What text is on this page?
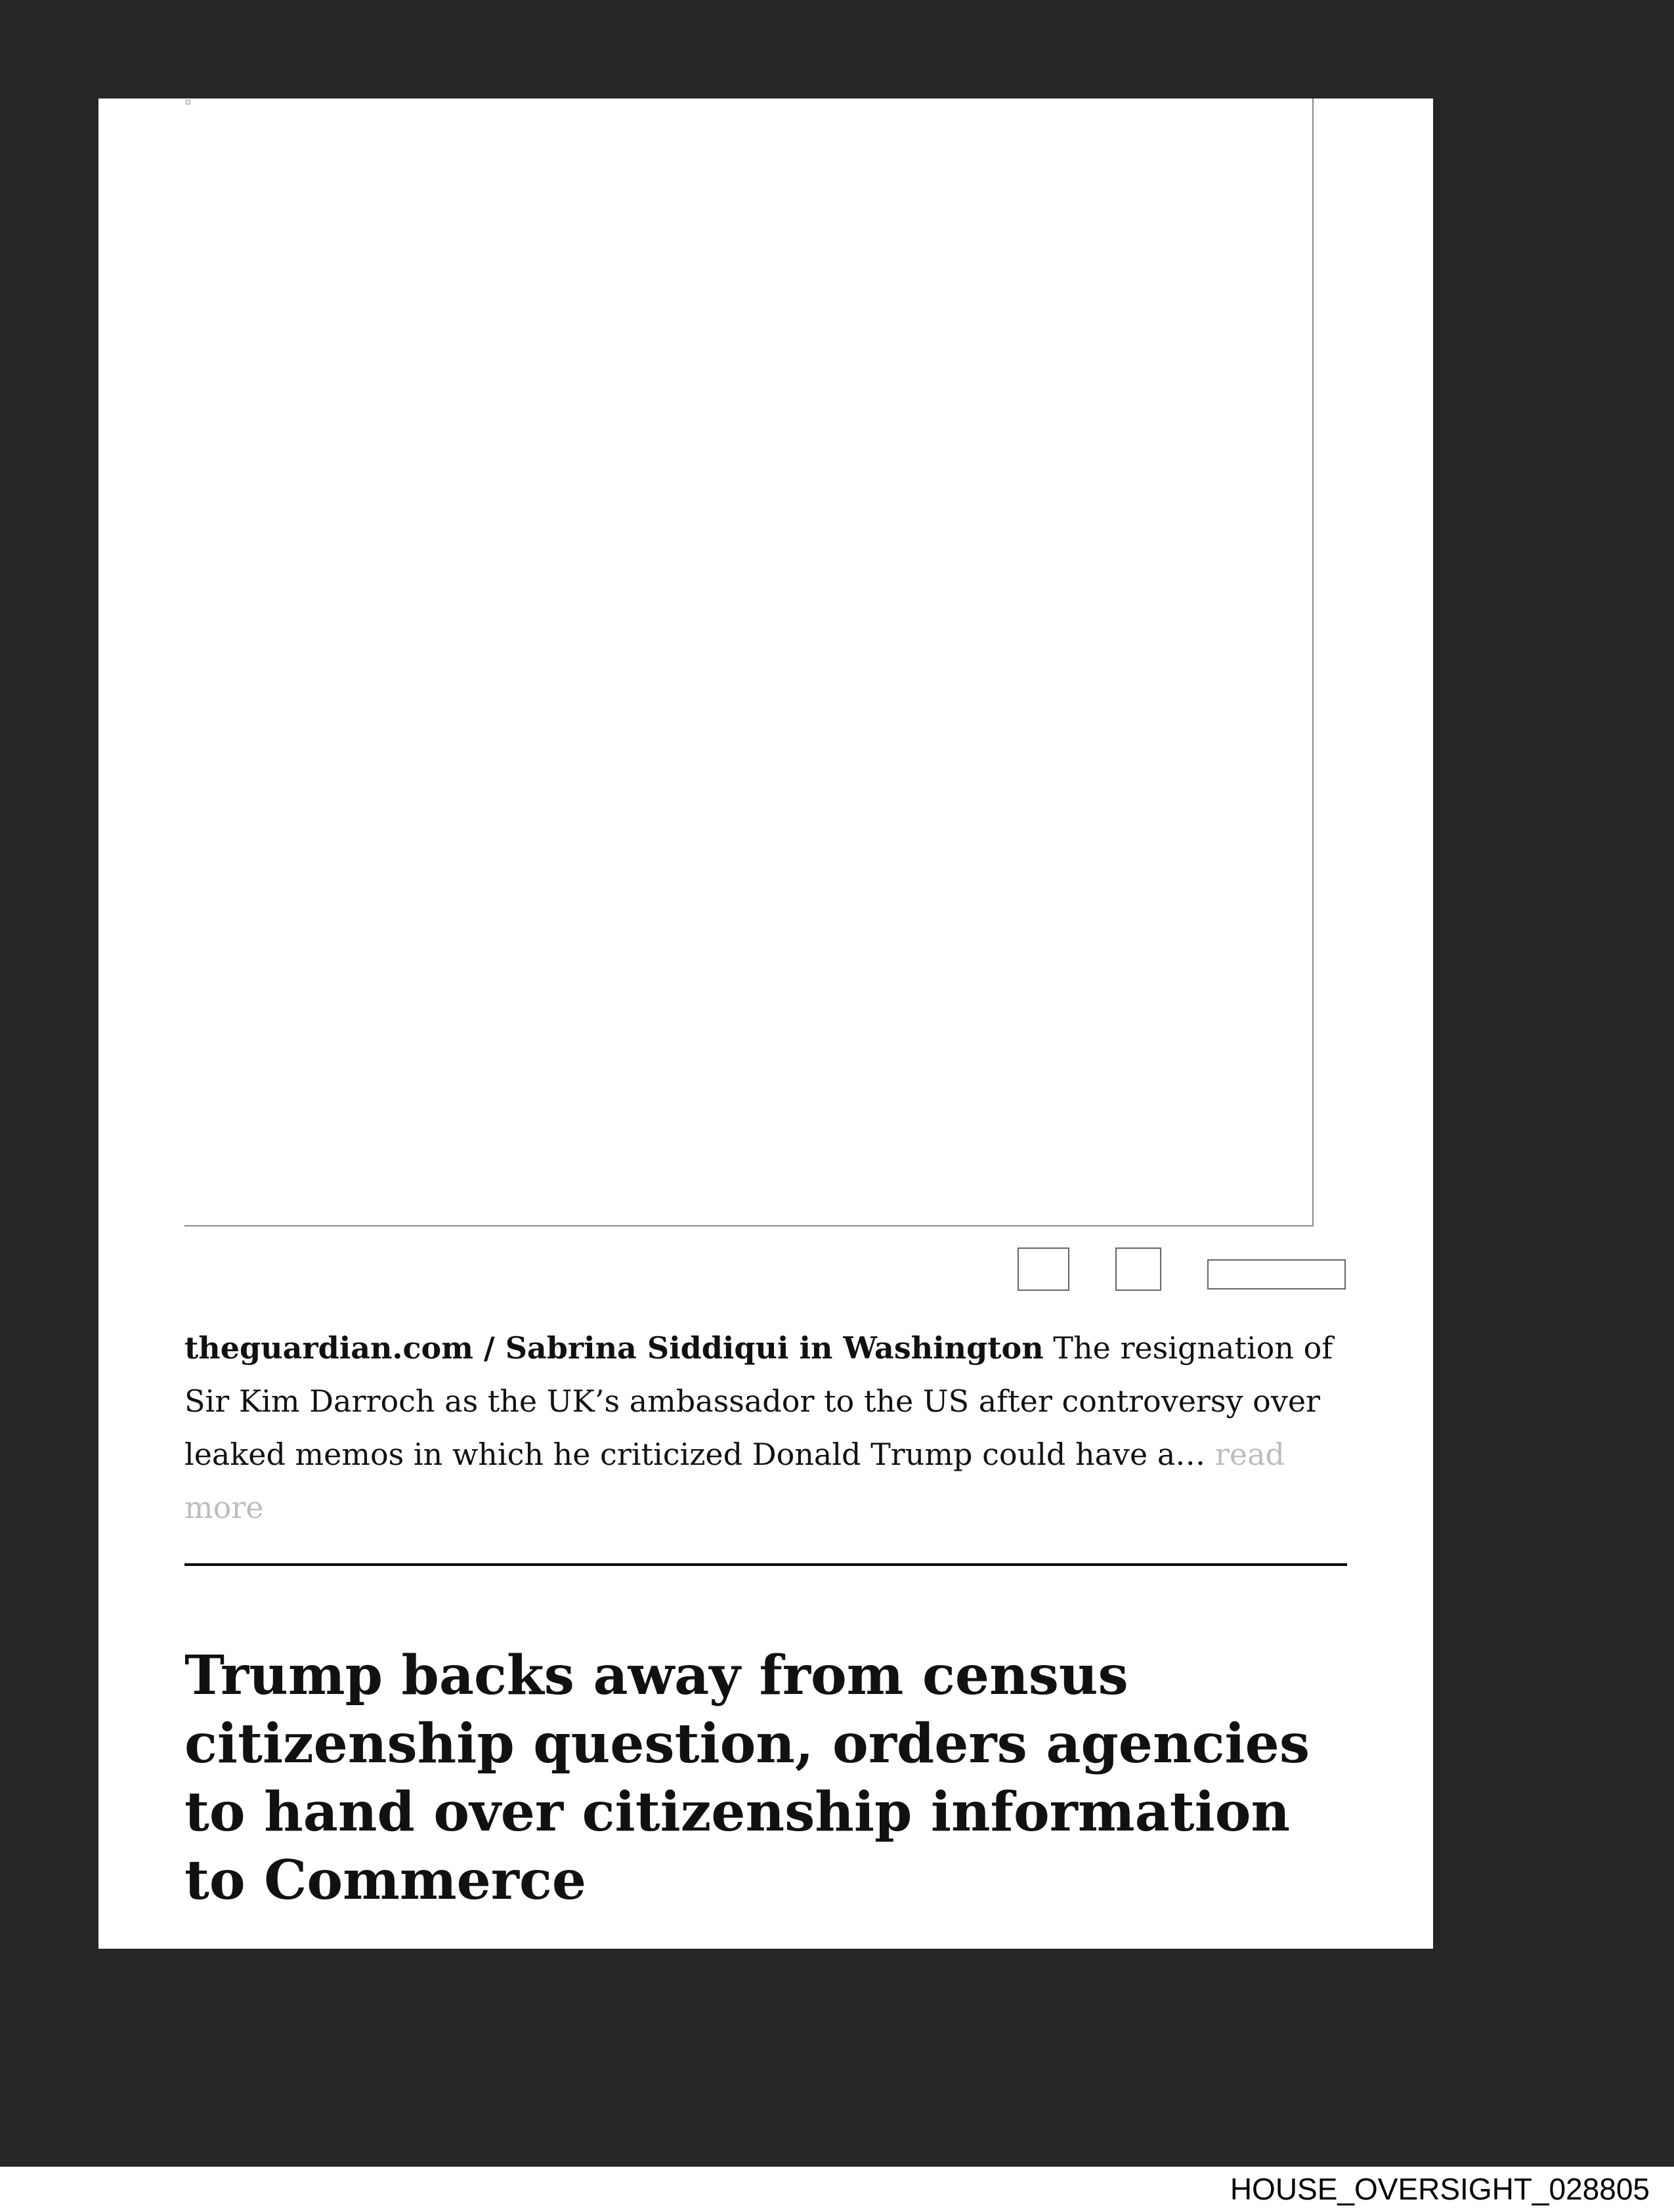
theguardian.com / Sabrina Siddiqui in Washington The resignation of Sir Kim Darroch as the UK’s ambassador to the US after controversy over leaked memos in which he criticized Donald Trump could have a… read more

Trump backs away from census citizenship question, orders agencies to hand over citizenship information to Commerce
HOUSE_OVERSIGHT_028805
